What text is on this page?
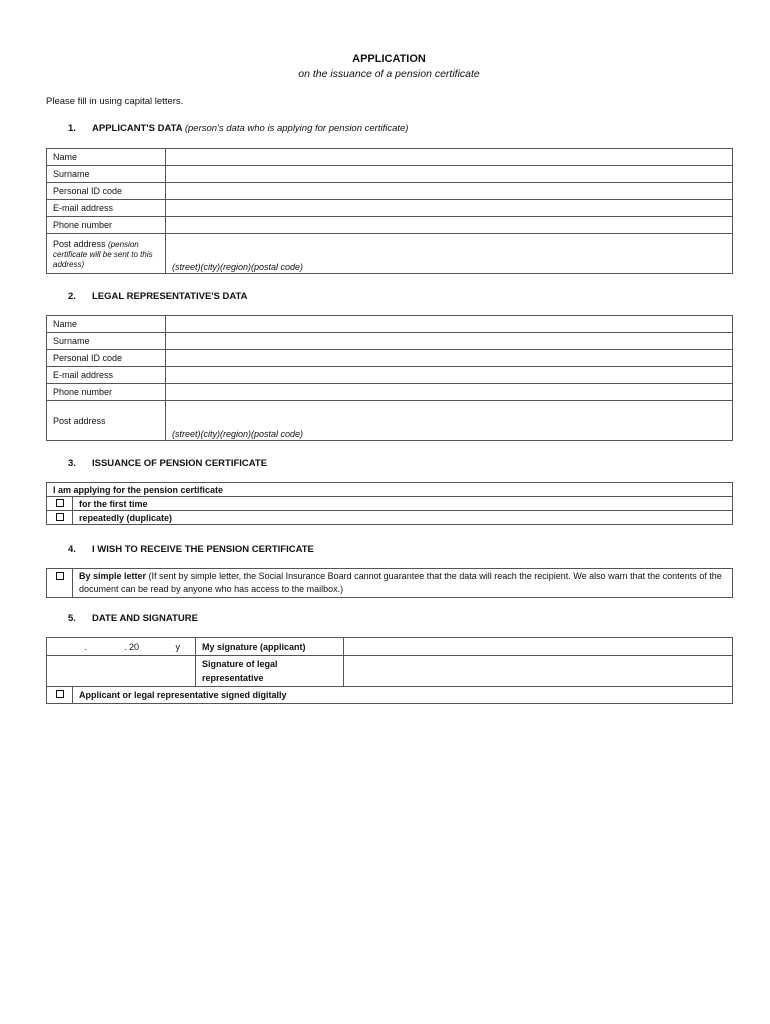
APPLICATION
on the issuance of a pension certificate
Please fill in using capital letters.
1. APPLICANT'S DATA (person's data who is applying for pension certificate)
Name	
Surname	
Personal ID code	
E-mail address	
Phone number	
Post address (pension certificate will be sent to this address)	(street)(city)(region)(postal code)
2. LEGAL REPRESENTATIVE'S DATA
Name	
Surname	
Personal ID code	
E-mail address	
Phone number	
Post address	(street)(city)(region)(postal code)
3. ISSUANCE OF PENSION CERTIFICATE
I am applying for the pension certificate	
	for the first time
	repeatedly (duplicate)
4. I WISH TO RECEIVE THE PENSION CERTIFICATE
	By simple letter (If sent by simple letter, the Social Insurance Board cannot guarantee that the data will reach the recipient. We also warn that the contents of the document can be read by anyone who has access to the mailbox.)
5. DATE AND SIGNATURE
. . 20 y		My signature (applicant)	
		Signature of legal representative	
	Applicant or legal representative signed digitally		
